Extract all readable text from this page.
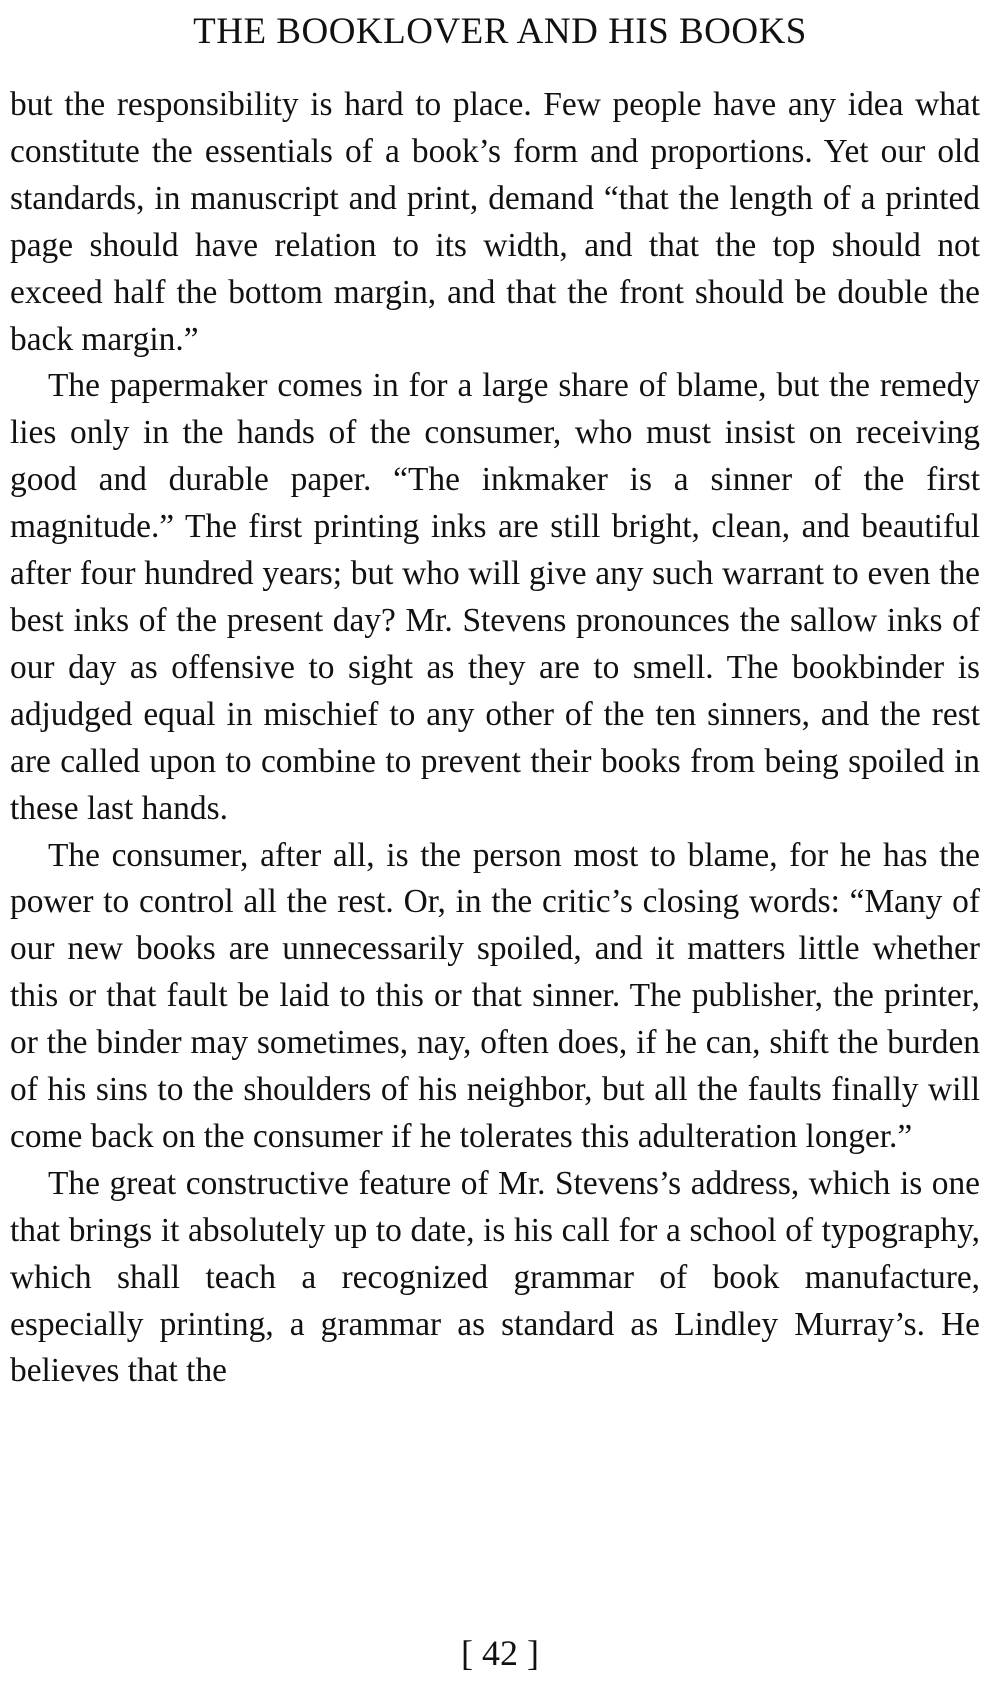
THE BOOKLOVER AND HIS BOOKS

but the responsibility is hard to place. Few people have any idea what constitute the essentials of a book’s form and proportions. Yet our old standards, in manuscript and print, demand “that the length of a printed page should have relation to its width, and that the top should not exceed half the bottom margin, and that the front should be double the back margin.”

The papermaker comes in for a large share of blame, but the remedy lies only in the hands of the consumer, who must insist on receiving good and durable paper. “The inkmaker is a sinner of the first magnitude.” The first printing inks are still bright, clean, and beautiful after four hundred years; but who will give any such warrant to even the best inks of the present day? Mr. Stevens pronounces the sallow inks of our day as offensive to sight as they are to smell. The bookbinder is adjudged equal in mischief to any other of the ten sinners, and the rest are called upon to combine to prevent their books from being spoiled in these last hands.

The consumer, after all, is the person most to blame, for he has the power to control all the rest. Or, in the critic’s closing words: “Many of our new books are unnecessarily spoiled, and it matters little whether this or that fault be laid to this or that sinner. The publisher, the printer, or the binder may sometimes, nay, often does, if he can, shift the burden of his sins to the shoulders of his neighbor, but all the faults finally will come back on the consumer if he tolerates this adulteration longer.”

The great constructive feature of Mr. Stevens’s address, which is one that brings it absolutely up to date, is his call for a school of typography, which shall teach a recognized grammar of book manufacture, especially printing, a grammar as standard as Lindley Murray’s. He believes that the

[ 42 ]
